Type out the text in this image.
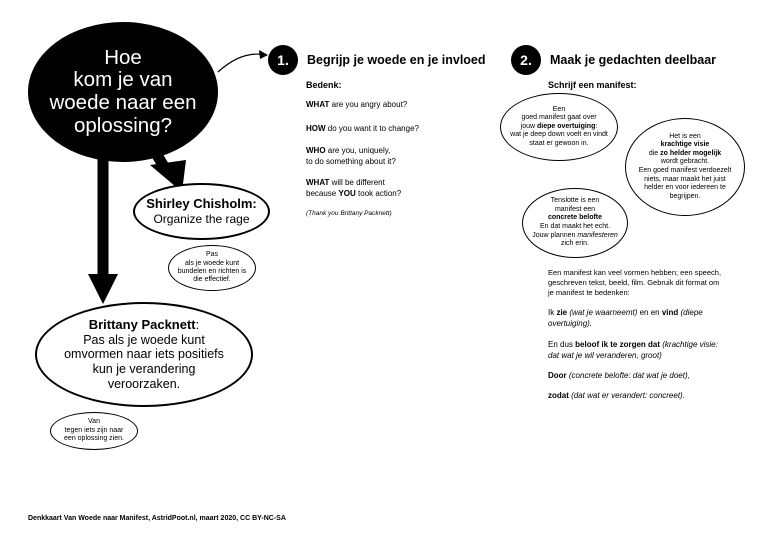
Hoe
kom je van
woede naar een
oplossing?
Shirley Chisholm:
Organize the rage
Pas
als je woede kunt
bundelen en richten is
die effectief.
Brittany Packnett:
Pas als je woede kunt
omvormen naar iets positiefs
kun je verandering
veroorzaken.
Van
tegen iets zijn naar
een oplossing zien.
1.	Begrijp je woede en je invloed
Bedenk:
WHAT are you angry about?
HOW do you want it to change?
WHO are you, uniquely,
to do something about it?
WHAT will be different
because YOU took action?
(Thank you Brittany Packnett)
2.	Maak je gedachten deelbaar
Schrijf een manifest:
Een
goed manifest gaat over
jouw diepe overtuiging:
wat je deep down voelt en vindt
staat er gewoon in.
Het is een
krachtige visie
die zo helder mogelijk
wordt gebracht.
Een goed manifest verdoezelt
niets, maar maakt het juist
helder en voor iedereen te
begrijpen.
Tenslotte is een
manifest een
concrete belofte
En dat maakt het echt.
Jouw plannen manifesteren
zich erin.
Een manifest kan veel vormen hebben; een speech, geschreven tekst, beeld, film. Gebruik dit format om je manifest te bedenken:
Ik zie (wat je waarneemt) en en vind (diepe overtuiging).
En dus beloof ik te zorgen dat (krachtige visie: dat wat je wil veranderen, groot)
Door (concrete belofte: dat wat je doet),
zodat (dat wat er verandert: concreet).
Denkkaart Van Woede naar Manifest, AstridPoot.nl, maart 2020, CC BY-NC-SA
